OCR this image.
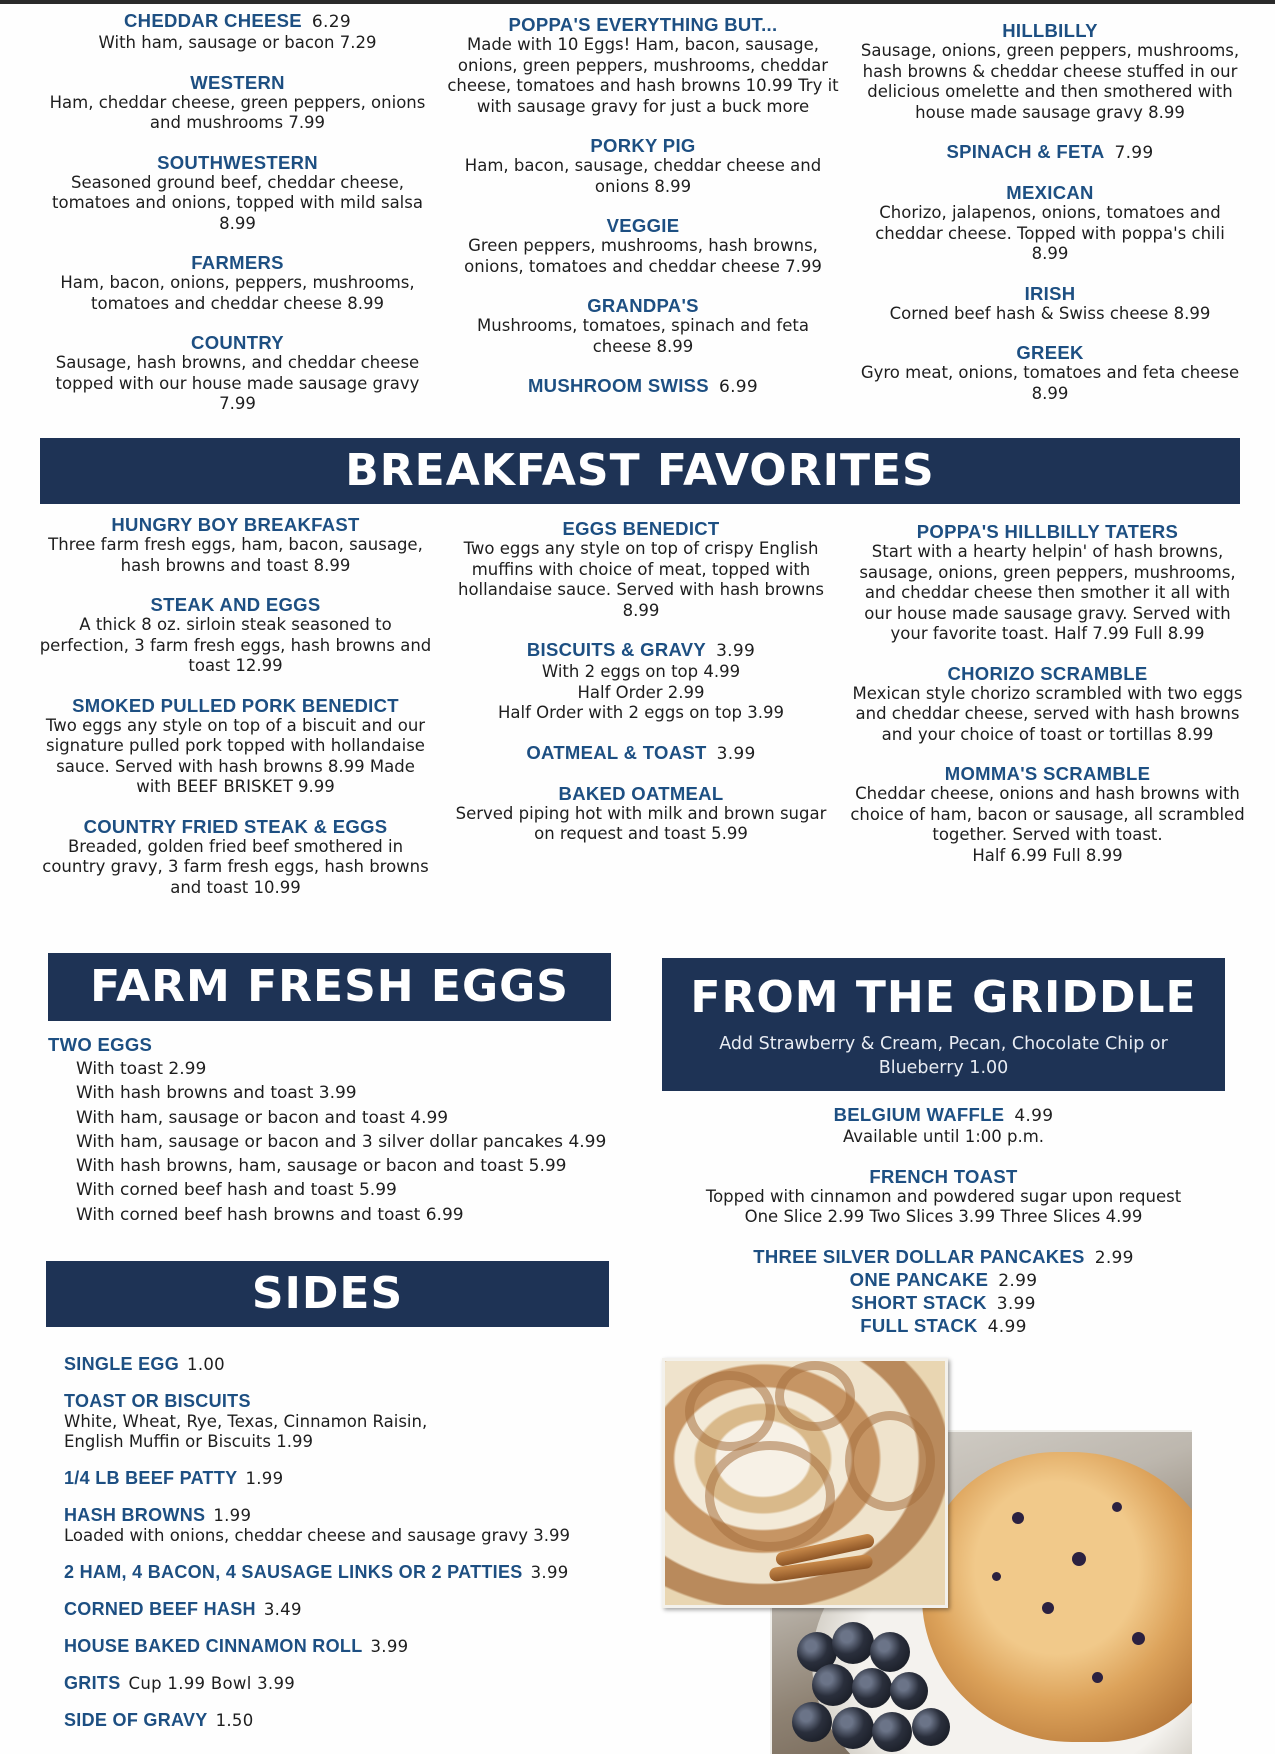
CHEDDAR CHEESE 6.29
With ham, sausage or bacon 7.29
WESTERN
Ham, cheddar cheese, green peppers, onions and mushrooms 7.99
SOUTHWESTERN
Seasoned ground beef, cheddar cheese, tomatoes and onions, topped with mild salsa 8.99
FARMERS
Ham, bacon, onions, peppers, mushrooms, tomatoes and cheddar cheese 8.99
COUNTRY
Sausage, hash browns, and cheddar cheese topped with our house made sausage gravy 7.99
POPPA'S EVERYTHING BUT...
Made with 10 Eggs! Ham, bacon, sausage, onions, green peppers, mushrooms, cheddar cheese, tomatoes and hash browns 10.99 Try it with sausage gravy for just a buck more
PORKY PIG
Ham, bacon, sausage, cheddar cheese and onions 8.99
VEGGIE
Green peppers, mushrooms, hash browns, onions, tomatoes and cheddar cheese 7.99
GRANDPA'S
Mushrooms, tomatoes, spinach and feta cheese 8.99
MUSHROOM SWISS 6.99
HILLBILLY
Sausage, onions, green peppers, mushrooms, hash browns & cheddar cheese stuffed in our delicious omelette and then smothered with house made sausage gravy 8.99
SPINACH & FETA 7.99
MEXICAN
Chorizo, jalapenos, onions, tomatoes and cheddar cheese. Topped with poppa's chili 8.99
IRISH
Corned beef hash & Swiss cheese 8.99
GREEK
Gyro meat, onions, tomatoes and feta cheese 8.99
BREAKFAST FAVORITES
HUNGRY BOY BREAKFAST
Three farm fresh eggs, ham, bacon, sausage, hash browns and toast 8.99
STEAK AND EGGS
A thick 8 oz. sirloin steak seasoned to perfection, 3 farm fresh eggs, hash browns and toast 12.99
SMOKED PULLED PORK BENEDICT
Two eggs any style on top of a biscuit and our signature pulled pork topped with hollandaise sauce. Served with hash browns 8.99 Made with BEEF BRISKET 9.99
COUNTRY FRIED STEAK & EGGS
Breaded, golden fried beef smothered in country gravy, 3 farm fresh eggs, hash browns and toast 10.99
EGGS BENEDICT
Two eggs any style on top of crispy English muffins with choice of meat, topped with hollandaise sauce. Served with hash browns 8.99
BISCUITS & GRAVY 3.99
With 2 eggs on top 4.99
Half Order 2.99
Half Order with 2 eggs on top 3.99
OATMEAL & TOAST 3.99
BAKED OATMEAL
Served piping hot with milk and brown sugar on request and toast 5.99
POPPA'S HILLBILLY TATERS
Start with a hearty helpin' of hash browns, sausage, onions, green peppers, mushrooms, and cheddar cheese then smother it all with our house made sausage gravy. Served with your favorite toast. Half 7.99 Full 8.99
CHORIZO SCRAMBLE
Mexican style chorizo scrambled with two eggs and cheddar cheese, served with hash browns and your choice of toast or tortillas 8.99
MOMMA'S SCRAMBLE
Cheddar cheese, onions and hash browns with choice of ham, bacon or sausage, all scrambled together. Served with toast.
Half 6.99 Full 8.99
FARM FRESH EGGS
TWO EGGS
With toast 2.99
With hash browns and toast 3.99
With ham, sausage or bacon and toast 4.99
With ham, sausage or bacon and 3 silver dollar pancakes 4.99
With hash browns, ham, sausage or bacon and toast 5.99
With corned beef hash and toast 5.99
With corned beef hash browns and toast 6.99
SIDES
SINGLE EGG 1.00
TOAST OR BISCUITS
White, Wheat, Rye, Texas, Cinnamon Raisin,
English Muffin or Biscuits 1.99
1/4 LB BEEF PATTY 1.99
HASH BROWNS 1.99
Loaded with onions, cheddar cheese and sausage gravy 3.99
2 HAM, 4 BACON, 4 SAUSAGE LINKS OR 2 PATTIES 3.99
CORNED BEEF HASH 3.49
HOUSE BAKED CINNAMON ROLL 3.99
GRITS Cup 1.99 Bowl 3.99
SIDE OF GRAVY 1.50
FROM THE GRIDDLE
Add Strawberry & Cream, Pecan, Chocolate Chip or Blueberry 1.00
BELGIUM WAFFLE 4.99
Available until 1:00 p.m.
FRENCH TOAST
Topped with cinnamon and powdered sugar upon request
One Slice 2.99 Two Slices 3.99 Three Slices 4.99
THREE SILVER DOLLAR PANCAKES 2.99
ONE PANCAKE 2.99
SHORT STACK 3.99
FULL STACK 4.99
